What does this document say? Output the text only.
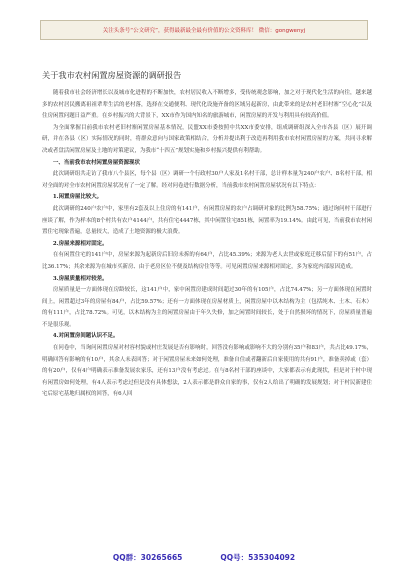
关注头条号“公文研究”，获得最新最全最有价值的公文资料库！ 微信：gongwenyj
关于我市农村闲置房屋资源的调研报告

随着我市社会经济增长以及城市化进程的不断加快，农村居民收入不断增多，受传统观念影响，加之对于现代化生活的向往，越来越多的农村居民搬离祖祖辈辈生活的老村落，选择在交通便利、现代化设施齐备的区域另起新房，由此带来的是农村老旧村寨“空心化”以及住房闲置问题日益严重。在乡村振兴的大背景下，XX市作为国内知名的旅游城市，闲置房屋的开发与利用具有较高价值。

为全面掌握目前我市农村老旧村寨闲置房屋基本情况，民盟XX市委按照中共XX市委安排，组成调研组深入全市各县（区）展开调研，并在各县（区）实际情况的同时，将群众意向与国家政策相结合，分析并提出利于改造再利用我市农村闲置房屋的方案，共同寻求解决或者盘活闲置房屋及土地的对策建议，为我市“十四五”规划实施和乡村振兴提供有利帮助。

一、当前我市农村闲置房屋资源现状

此次调研组共走访了我市八个县区，每个县（区）调研一个行政村30户人家及1名村干部，总计样本量为240户农户、8名村干部，相对全面的对全市农村闲置房屋状况有了一定了解。经对问卷进行数据分析，当前我市农村闲置房屋状况有以下特点：

1.闲置房屋比较大。

此次调研的240户农户中，家里有2套及以上住房的有141户，有闲置房屋的农户占调研对象的比例为58.75%；通过询问村干部进行座谈了解，作为样本的8个村共有农户4144户，共有住宅4447栋，其中闲置住宅851栋，闲置率为19.14%。由此可见，当前我市农村闲置住宅现象普遍，总量较大，造成了土地资源的极大浪费。

2.房屋来源相对固定。

在有闲置住宅的141户中，房屋来源为起新房后旧房未拆的有64户，占比45.39%；来源为老人去世或家庭迁移后留下的有51户，占比36.17%；其余来源为在城市买新房、由于老房区位不便及结构房住等等。可见闲置房屋来源相对固定，多为家庭内部原因造成。

3.房屋质量相对较差。

房屋质量是一方面体现在房龄较长，这141户中，家中闲置房建成时间超过30年的有105户，占比74.47%；另一方面体现在闲置时间上，闲置超过3年的房屋有84户，占比59.57%；还有一方面体现在房屋材质上，闲置房屋中以木结构为主（包括纯木、土木、石木）的有111户，占比78.72%。可见，以木结构为主的闲置房屋由于年久失修，加之闲置时间较长，处于自然损坏的情况下，房屋质量普遍不是很乐观。

4.对闲置房间题认识不足。

在问卷中，当询问闲置房屋对村容村貌或村庄发展是否有影响时，回答没有影响或影响不大的分别有35户和83户，共占比49.17%，明确回答有影响的有10户，其余人未表回答；对于闲置房屋未来如何处理，准备自住或者翻新后自家使用的共有91户，准备卖掉或（套）的有20户，仅有4户明确表示准备发展农家乐，还有13户没有考虑过。在与8名村干部的座谈中，大家都表示有此现状，但是对于村中现有闲置房如何处理，有4人表示考虑过但是没有具体想法，2人表示都是群众自家的事，仅有2人给出了明确的发展规划；对于村民新建住宅后原宅基地归属权的回答，有6人回

QQ群：30265665	QQ号：535304092
